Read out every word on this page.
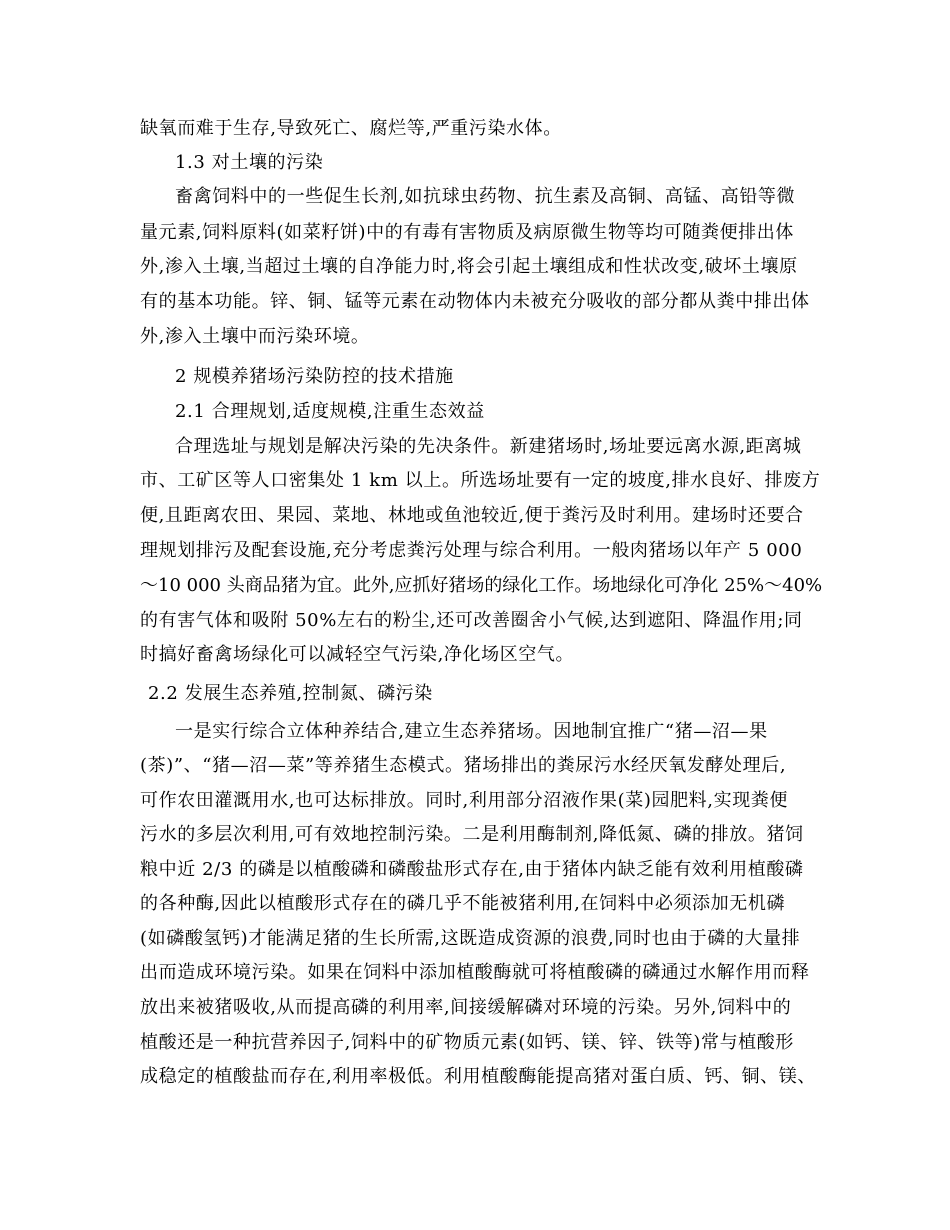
缺氧而难于生存,导致死亡、腐烂等,严重污染水体。
1.3 对土壤的污染
畜禽饲料中的一些促生长剂,如抗球虫药物、抗生素及高铜、高锰、高铅等微
量元素,饲料原料(如菜籽饼)中的有毒有害物质及病原微生物等均可随粪便排出体
外,渗入土壤,当超过土壤的自净能力时,将会引起土壤组成和性状改变,破坏土壤原
有的基本功能。锌、铜、锰等元素在动物体内未被充分吸收的部分都从粪中排出体
外,渗入土壤中而污染环境。
2 规模养猪场污染防控的技术措施
2.1 合理规划,适度规模,注重生态效益
合理选址与规划是解决污染的先决条件。新建猪场时,场址要远离水源,距离城
市、工矿区等人口密集处 1 km 以上。所选场址要有一定的坡度,排水良好、排废方
便,且距离农田、果园、菜地、林地或鱼池较近,便于粪污及时利用。建场时还要合
理规划排污及配套设施,充分考虑粪污处理与综合利用。一般肉猪场以年产 5 000
～10 000 头商品猪为宜。此外,应抓好猪场的绿化工作。场地绿化可净化 25%～40%
的有害气体和吸附 50%左右的粉尘,还可改善圈舍小气候,达到遮阳、降温作用;同
时搞好畜禽场绿化可以减轻空气污染,净化场区空气。
2.2 发展生态养殖,控制氮、磷污染
一是实行综合立体种养结合,建立生态养猪场。因地制宜推广“猪—沼—果
(茶)”、“猪—沼—菜”等养猪生态模式。猪场排出的粪尿污水经厌氧发酵处理后,
可作农田灌溉用水,也可达标排放。同时,利用部分沼液作果(菜)园肥料,实现粪便
污水的多层次利用,可有效地控制污染。二是利用酶制剂,降低氮、磷的排放。猪饲
粮中近 2/3 的磷是以植酸磷和磷酸盐形式存在,由于猪体内缺乏能有效利用植酸磷
的各种酶,因此以植酸形式存在的磷几乎不能被猪利用,在饲料中必须添加无机磷
(如磷酸氢钙)才能满足猪的生长所需,这既造成资源的浪费,同时也由于磷的大量排
出而造成环境污染。如果在饲料中添加植酸酶就可将植酸磷的磷通过水解作用而释
放出来被猪吸收,从而提高磷的利用率,间接缓解磷对环境的污染。另外,饲料中的
植酸还是一种抗营养因子,饲料中的矿物质元素(如钙、镁、锌、铁等)常与植酸形
成稳定的植酸盐而存在,利用率极低。利用植酸酶能提高猪对蛋白质、钙、铜、镁、
